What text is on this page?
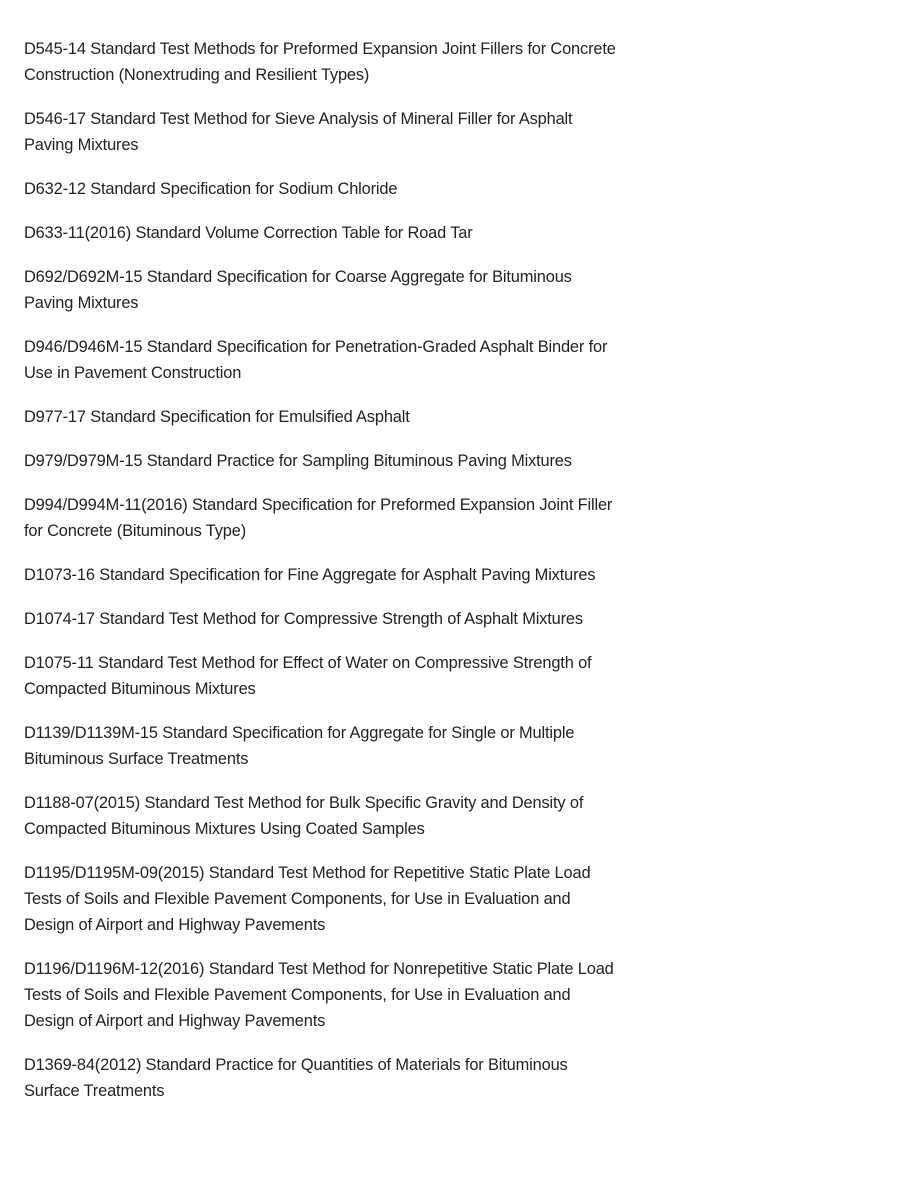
D545-14 Standard Test Methods for Preformed Expansion Joint Fillers for Concrete Construction (Nonextruding and Resilient Types)
D546-17 Standard Test Method for Sieve Analysis of Mineral Filler for Asphalt Paving Mixtures
D632-12 Standard Specification for Sodium Chloride
D633-11(2016) Standard Volume Correction Table for Road Tar
D692/D692M-15 Standard Specification for Coarse Aggregate for Bituminous Paving Mixtures
D946/D946M-15 Standard Specification for Penetration-Graded Asphalt Binder for Use in Pavement Construction
D977-17 Standard Specification for Emulsified Asphalt
D979/D979M-15 Standard Practice for Sampling Bituminous Paving Mixtures
D994/D994M-11(2016) Standard Specification for Preformed Expansion Joint Filler for Concrete (Bituminous Type)
D1073-16 Standard Specification for Fine Aggregate for Asphalt Paving Mixtures
D1074-17 Standard Test Method for Compressive Strength of Asphalt Mixtures
D1075-11 Standard Test Method for Effect of Water on Compressive Strength of Compacted Bituminous Mixtures
D1139/D1139M-15 Standard Specification for Aggregate for Single or Multiple Bituminous Surface Treatments
D1188-07(2015) Standard Test Method for Bulk Specific Gravity and Density of Compacted Bituminous Mixtures Using Coated Samples
D1195/D1195M-09(2015) Standard Test Method for Repetitive Static Plate Load Tests of Soils and Flexible Pavement Components, for Use in Evaluation and Design of Airport and Highway Pavements
D1196/D1196M-12(2016) Standard Test Method for Nonrepetitive Static Plate Load Tests of Soils and Flexible Pavement Components, for Use in Evaluation and Design of Airport and Highway Pavements
D1369-84(2012) Standard Practice for Quantities of Materials for Bituminous Surface Treatments
